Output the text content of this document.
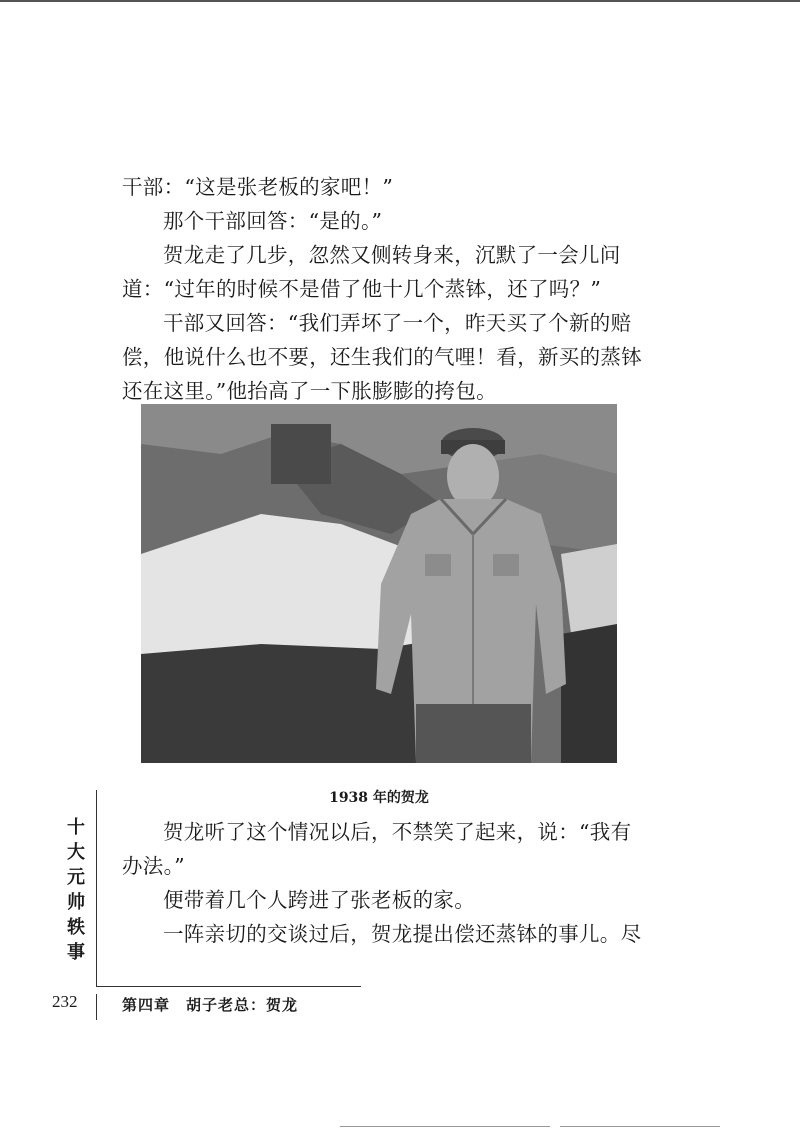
干部：“这是张老板的家吧！”

那个干部回答：“是的。”

贺龙走了几步，忽然又侧转身来，沉默了一会儿问道：“过年的时候不是借了他十几个蒸钵，还了吗？”

干部又回答：“我们弄坏了一个，昨天买了个新的赔偿，他说什么也不要，还生我们的气哩！看，新买的蒸钵还在这里。”他抬高了一下胀膨膨的挎包。

1938 年的贺龙

十
大
元
帅
轶
事

贺龙听了这个情况以后，不禁笑了起来，说：“我有办法。”

便带着几个人跨进了张老板的家。

一阵亲切的交谈过后，贺龙提出偿还蒸钵的事儿。尽

232	第四章　胡子老总：贺龙
